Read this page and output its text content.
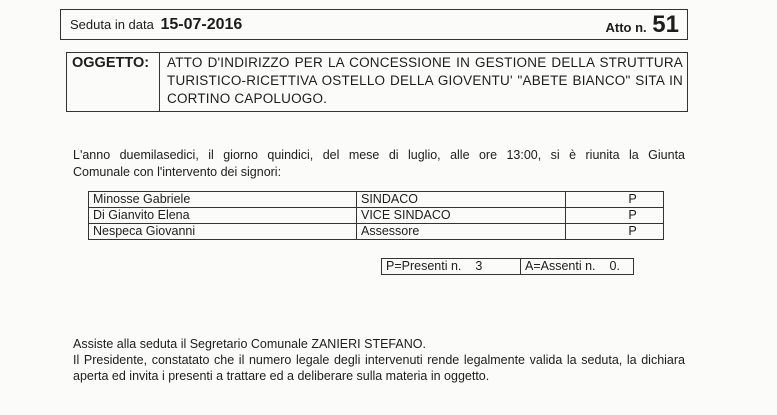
Seduta in data 15-07-2016	Atto n. 51
OGGETTO:	ATTO D'INDIRIZZO PER LA CONCESSIONE IN GESTIONE DELLA STRUTTURA TURISTICO-RICETTIVA OSTELLO DELLA GIOVENTU' "ABETE BIANCO" SITA IN CORTINO CAPOLUOGO.
L'anno duemilasedici, il giorno quindici, del mese di luglio, alle ore 13:00, si è riunita la Giunta
Comunale con l'intervento dei signori:
Minosse Gabriele	SINDACO	P
Di Gianvito Elena	VICE SINDACO	P
Nespeca Giovanni	Assessore	P
P=Presenti n. 3	A=Assenti n. 0.

Assiste alla seduta il Segretario Comunale ZANIERI STEFANO.

Il Presidente, constatato che il numero legale degli intervenuti rende legalmente valida la seduta, la dichiara aperta ed invita i presenti a trattare ed a deliberare sulla materia in oggetto.
